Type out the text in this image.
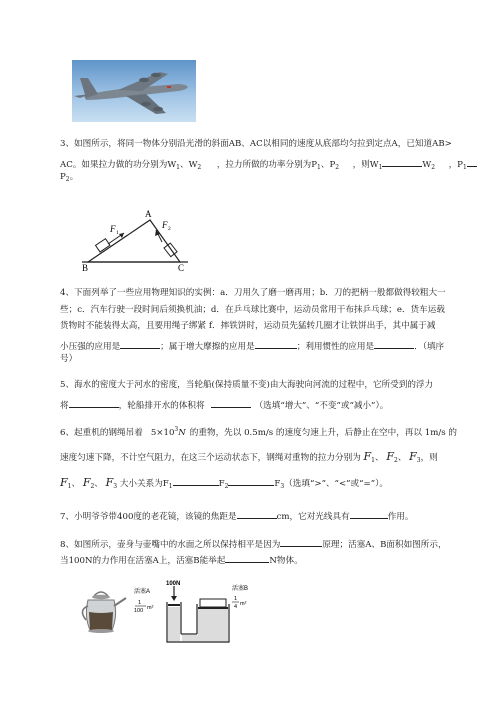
3、如图所示，将同一物体分别沿光滑的斜面AB、AC以相同的速度从底部均匀拉到定点A，已知道AB>
AC。如果拉力做的功分别为$W_1$、$W_2$ ，拉力所做的功率分别为$P_1$、$P_2$ ，则$W_1$	$W_2$ ，$P_1$
$P_2$。
A
B	C
F 1
F 2
4、下面列举了一些应用物理知识的实例：a．刀用久了磨一磨再用；b．刀的把柄一般都做得较粗大一
些；c．汽车行驶一段时间后须换机油；d．在乒乓球比赛中，运动员常用干布抹乒乓球；e．货车运载
货物时不能装得太高，且要用绳子绑紧 f．摔铁饼时，运动员先猛转几圈才让铁饼出手，其中属于减
小压强的应用是	；属于增大摩擦的应用是	；利用惯性的应用是	．（填序
号）
5、海水的密度大于河水的密度，当轮船(保持质量不变)由大海驶向河流的过程中，它所受到的浮力
将	，轮船排开水的体积将	（选填“增大”、“不变”或“减小”）。
6、起重机的钢绳吊着 $5\times 10^3N$ 的重物，先以 0.5m/s 的速度匀速上升，后静止在空中，再以 1m/s 的
速度匀速下降，不计空气阻力，在这三个运动状态下，钢绳对重物的拉力分别为 $F_1$、 $F_2$、 $F_3$，则
$F_1$、 $F_2$、 $F_3$ 大小关系为$F_1$	$F_2$	$F_3$（选填“>”、“<”或“=”）。
7、小明爷爷带400度的老花镜，该镜的焦距是	cm，它对光线具有	作用。
8、如图所示，壶身与壶嘴中的水面之所以保持相平是因为	原理；活塞A、B面积如图所示，
当100N的力作用在活塞A上，活塞B能举起	N物体。
100N
活塞A
1
100 m²
活塞B
1
4 m²
